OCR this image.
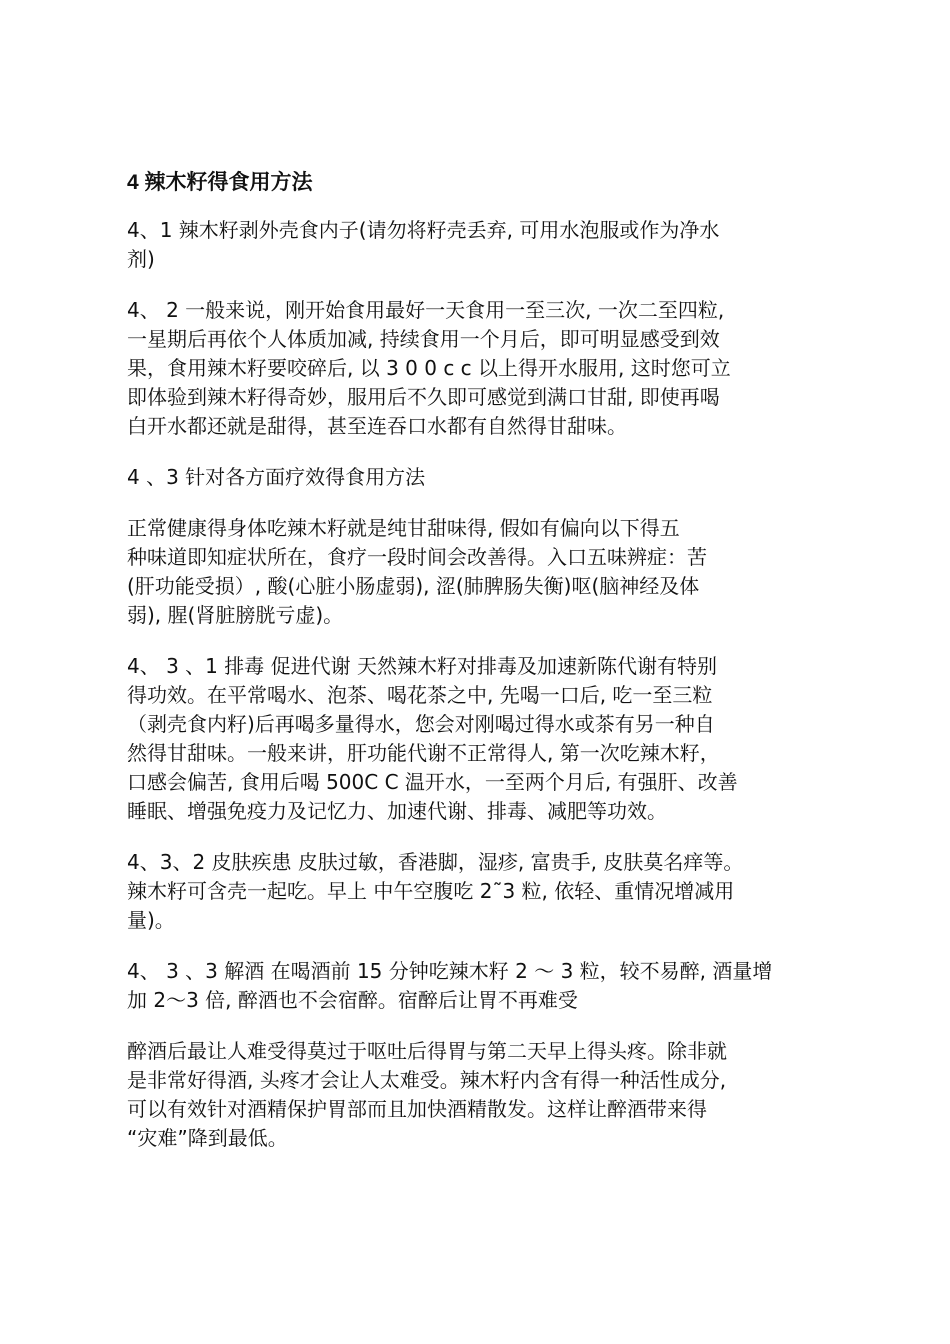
4 辣木籽得食用方法
4、1 辣木籽剥外壳食内子(请勿将籽壳丢弃, 可用水泡服或作为净水
剂)
4、 2 一般来说，刚开始食用最好一天食用一至三次, 一次二至四粒,
一星期后再依个人体质加减, 持续食用一个月后，即可明显感受到效
果，食用辣木籽要咬碎后, 以 3 0 0 c c 以上得开水服用, 这时您可立
即体验到辣木籽得奇妙，服用后不久即可感觉到满口甘甜, 即使再喝
白开水都还就是甜得，甚至连吞口水都有自然得甘甜味。
4 、3 针对各方面疗效得食用方法
正常健康得身体吃辣木籽就是纯甘甜味得, 假如有偏向以下得五
种味道即知症状所在，食疗一段时间会改善得。入口五味辨症：苦
(肝功能受损）, 酸(心脏小肠虚弱), 涩(肺脾肠失衡)呕(脑神经及体
弱), 腥(肾脏膀胱亏虚)。
4、 3 、1 排毒 促进代谢 天然辣木籽对排毒及加速新陈代谢有特别
得功效。在平常喝水、泡茶、喝花茶之中, 先喝一口后, 吃一至三粒
（剥壳食内籽)后再喝多量得水，您会对刚喝过得水或茶有另一种自
然得甘甜味。一般来讲，肝功能代谢不正常得人, 第一次吃辣木籽，
口感会偏苦, 食用后喝 500C C 温开水，一至两个月后, 有强肝、改善
睡眠、增强免疫力及记忆力、加速代谢、排毒、减肥等功效。
4、3、2 皮肤疾患 皮肤过敏，香港脚，湿疹, 富贵手, 皮肤莫名痒等。
辣木籽可含壳一起吃。早上 中午空腹吃 2˜3 粒, 依轻、重情况增减用
量)。
4、 3 、3 解酒 在喝酒前 15 分钟吃辣木籽 2 ～ 3 粒，较不易醉, 酒量增
加 2～3 倍, 醉酒也不会宿醉。宿醉后让胃不再难受
醉酒后最让人难受得莫过于呕吐后得胃与第二天早上得头疼。除非就
是非常好得酒, 头疼才会让人太难受。辣木籽内含有得一种活性成分,
可以有效针对酒精保护胃部而且加快酒精散发。这样让醉酒带来得
“灾难”降到最低。
